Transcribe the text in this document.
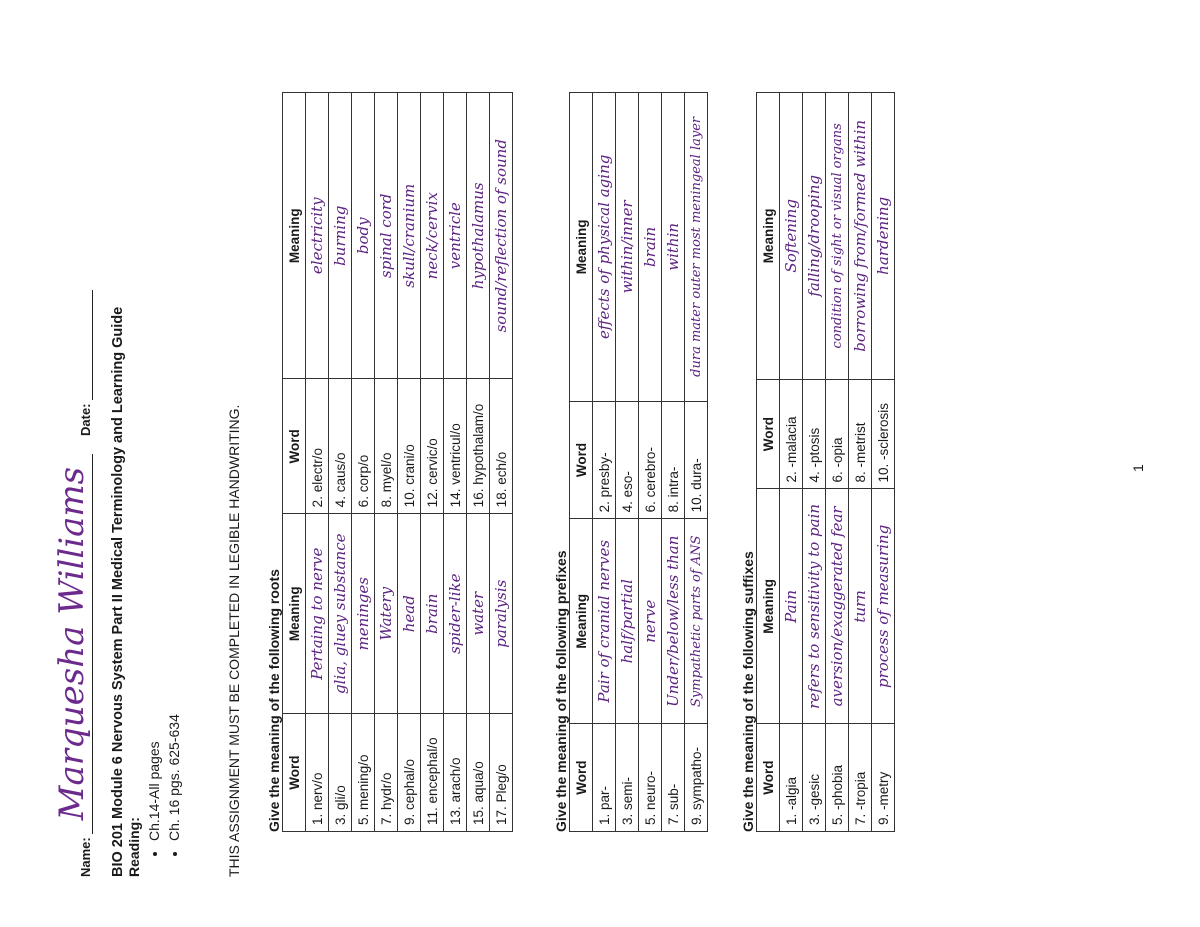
Name: Marquesha Williams Date: BIO 201 Module 6 Nervous System Part II Medical Terminology and Learning Guide Reading:
• Ch.14-All pages • Ch. 16 pgs. 625-634	THIS ASSIGNMENT MUST BE COMPLETED IN LEGIBLE HANDWRITING. Give the meaning of the following roots Word	Meaning	Word	Meaning
1. nerv/o	Pertaing to nerve	2. electr/o	electricity
3. gli/o	glia, gluey substance	4. caus/o	burning
5. mening/o	meninges	6. corp/o	body
7. hydr/o	Watery	8. myel/o	spinal cord
9. cephal/o	head	10. crani/o	skull/cranium
11. encephal/o	brain	12. cervic/o	neck/cervix
13. arach/o	spider-like	14. ventricul/o	ventricle
15. aqua/o	water	16. hypothalam/o	hypothalamus
17. Pleg/o	paralysis	18. ech/o	sound/reflection of sound
Give the meaning of the following prefixes Word	Meaning	Word	Meaning
1. par-	Pair of cranial nerves	2. presby-	effects of physical aging
3. semi-	half/partial	4. eso-	within/inner
5. neuro-	nerve	6. cerebro-	brain
7. sub-	Under/below/less than	8. intra-	within
9. sympatho-	Sympathetic parts of ANS	10. dura-	dura mater outer most meningeal layer
Give the meaning of the following suffixes Word	Meaning	Word	Meaning
1. -algia	Pain	2. -malacia	Softening
3. -gesic	refers to sensitivity to pain	4. -ptosis	falling/drooping
5. -phobia	aversion/exaggerated fear	6. -opia	condition of sight or visual organs
7. -tropia	turn	8. -metrist	borrowing from/formed within
9. -metry	process of measuring	10. -sclerosis	hardening
1
